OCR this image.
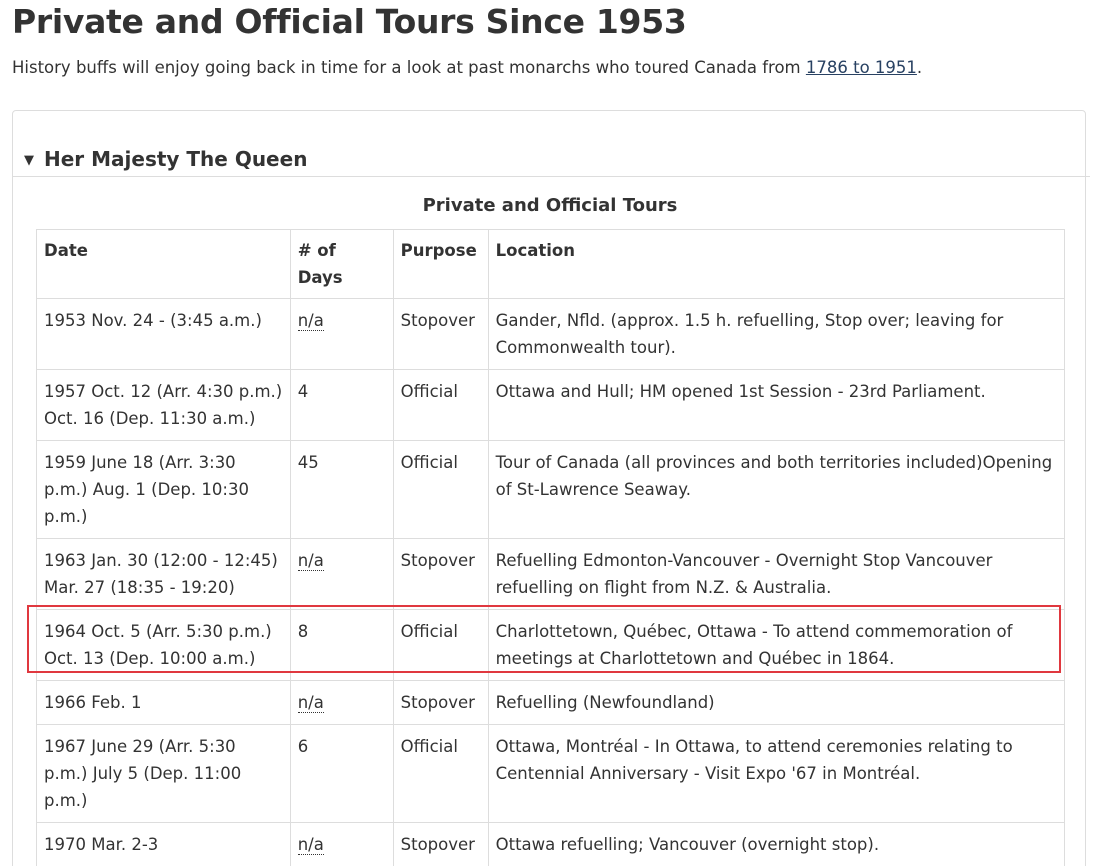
Private and Official Tours Since 1953

History buffs will enjoy going back in time for a look at past monarchs who toured Canada from 1786 to 1951.

▼ Her Majesty The Queen
Private and Official Tours
Date	# of Days	Purpose	Location
1953 Nov. 24 - (3:45 a.m.)	n/a	Stopover	Gander, Nfld. (approx. 1.5 h. refuelling, Stop over; leaving for Commonwealth tour).
1957 Oct. 12 (Arr. 4:30 p.m.) Oct. 16 (Dep. 11:30 a.m.)	4	Official	Ottawa and Hull; HM opened 1st Session - 23rd Parliament.
1959 June 18 (Arr. 3:30 p.m.) Aug. 1 (Dep. 10:30 p.m.)	45	Official	Tour of Canada (all provinces and both territories included)Opening of St-Lawrence Seaway.
1963 Jan. 30 (12:00 - 12:45) Mar. 27 (18:35 - 19:20)	n/a	Stopover	Refuelling Edmonton-Vancouver - Overnight Stop Vancouver refuelling on flight from N.Z. & Australia.
1964 Oct. 5 (Arr. 5:30 p.m.) Oct. 13 (Dep. 10:00 a.m.)	8	Official	Charlottetown, Québec, Ottawa - To attend commemoration of meetings at Charlottetown and Québec in 1864.
1966 Feb. 1	n/a	Stopover	Refuelling (Newfoundland)
1967 June 29 (Arr. 5:30 p.m.) July 5 (Dep. 11:00 p.m.)	6	Official	Ottawa, Montréal - In Ottawa, to attend ceremonies relating to Centennial Anniversary - Visit Expo '67 in Montréal.
1970 Mar. 2-3	n/a	Stopover	Ottawa refuelling; Vancouver (overnight stop).
